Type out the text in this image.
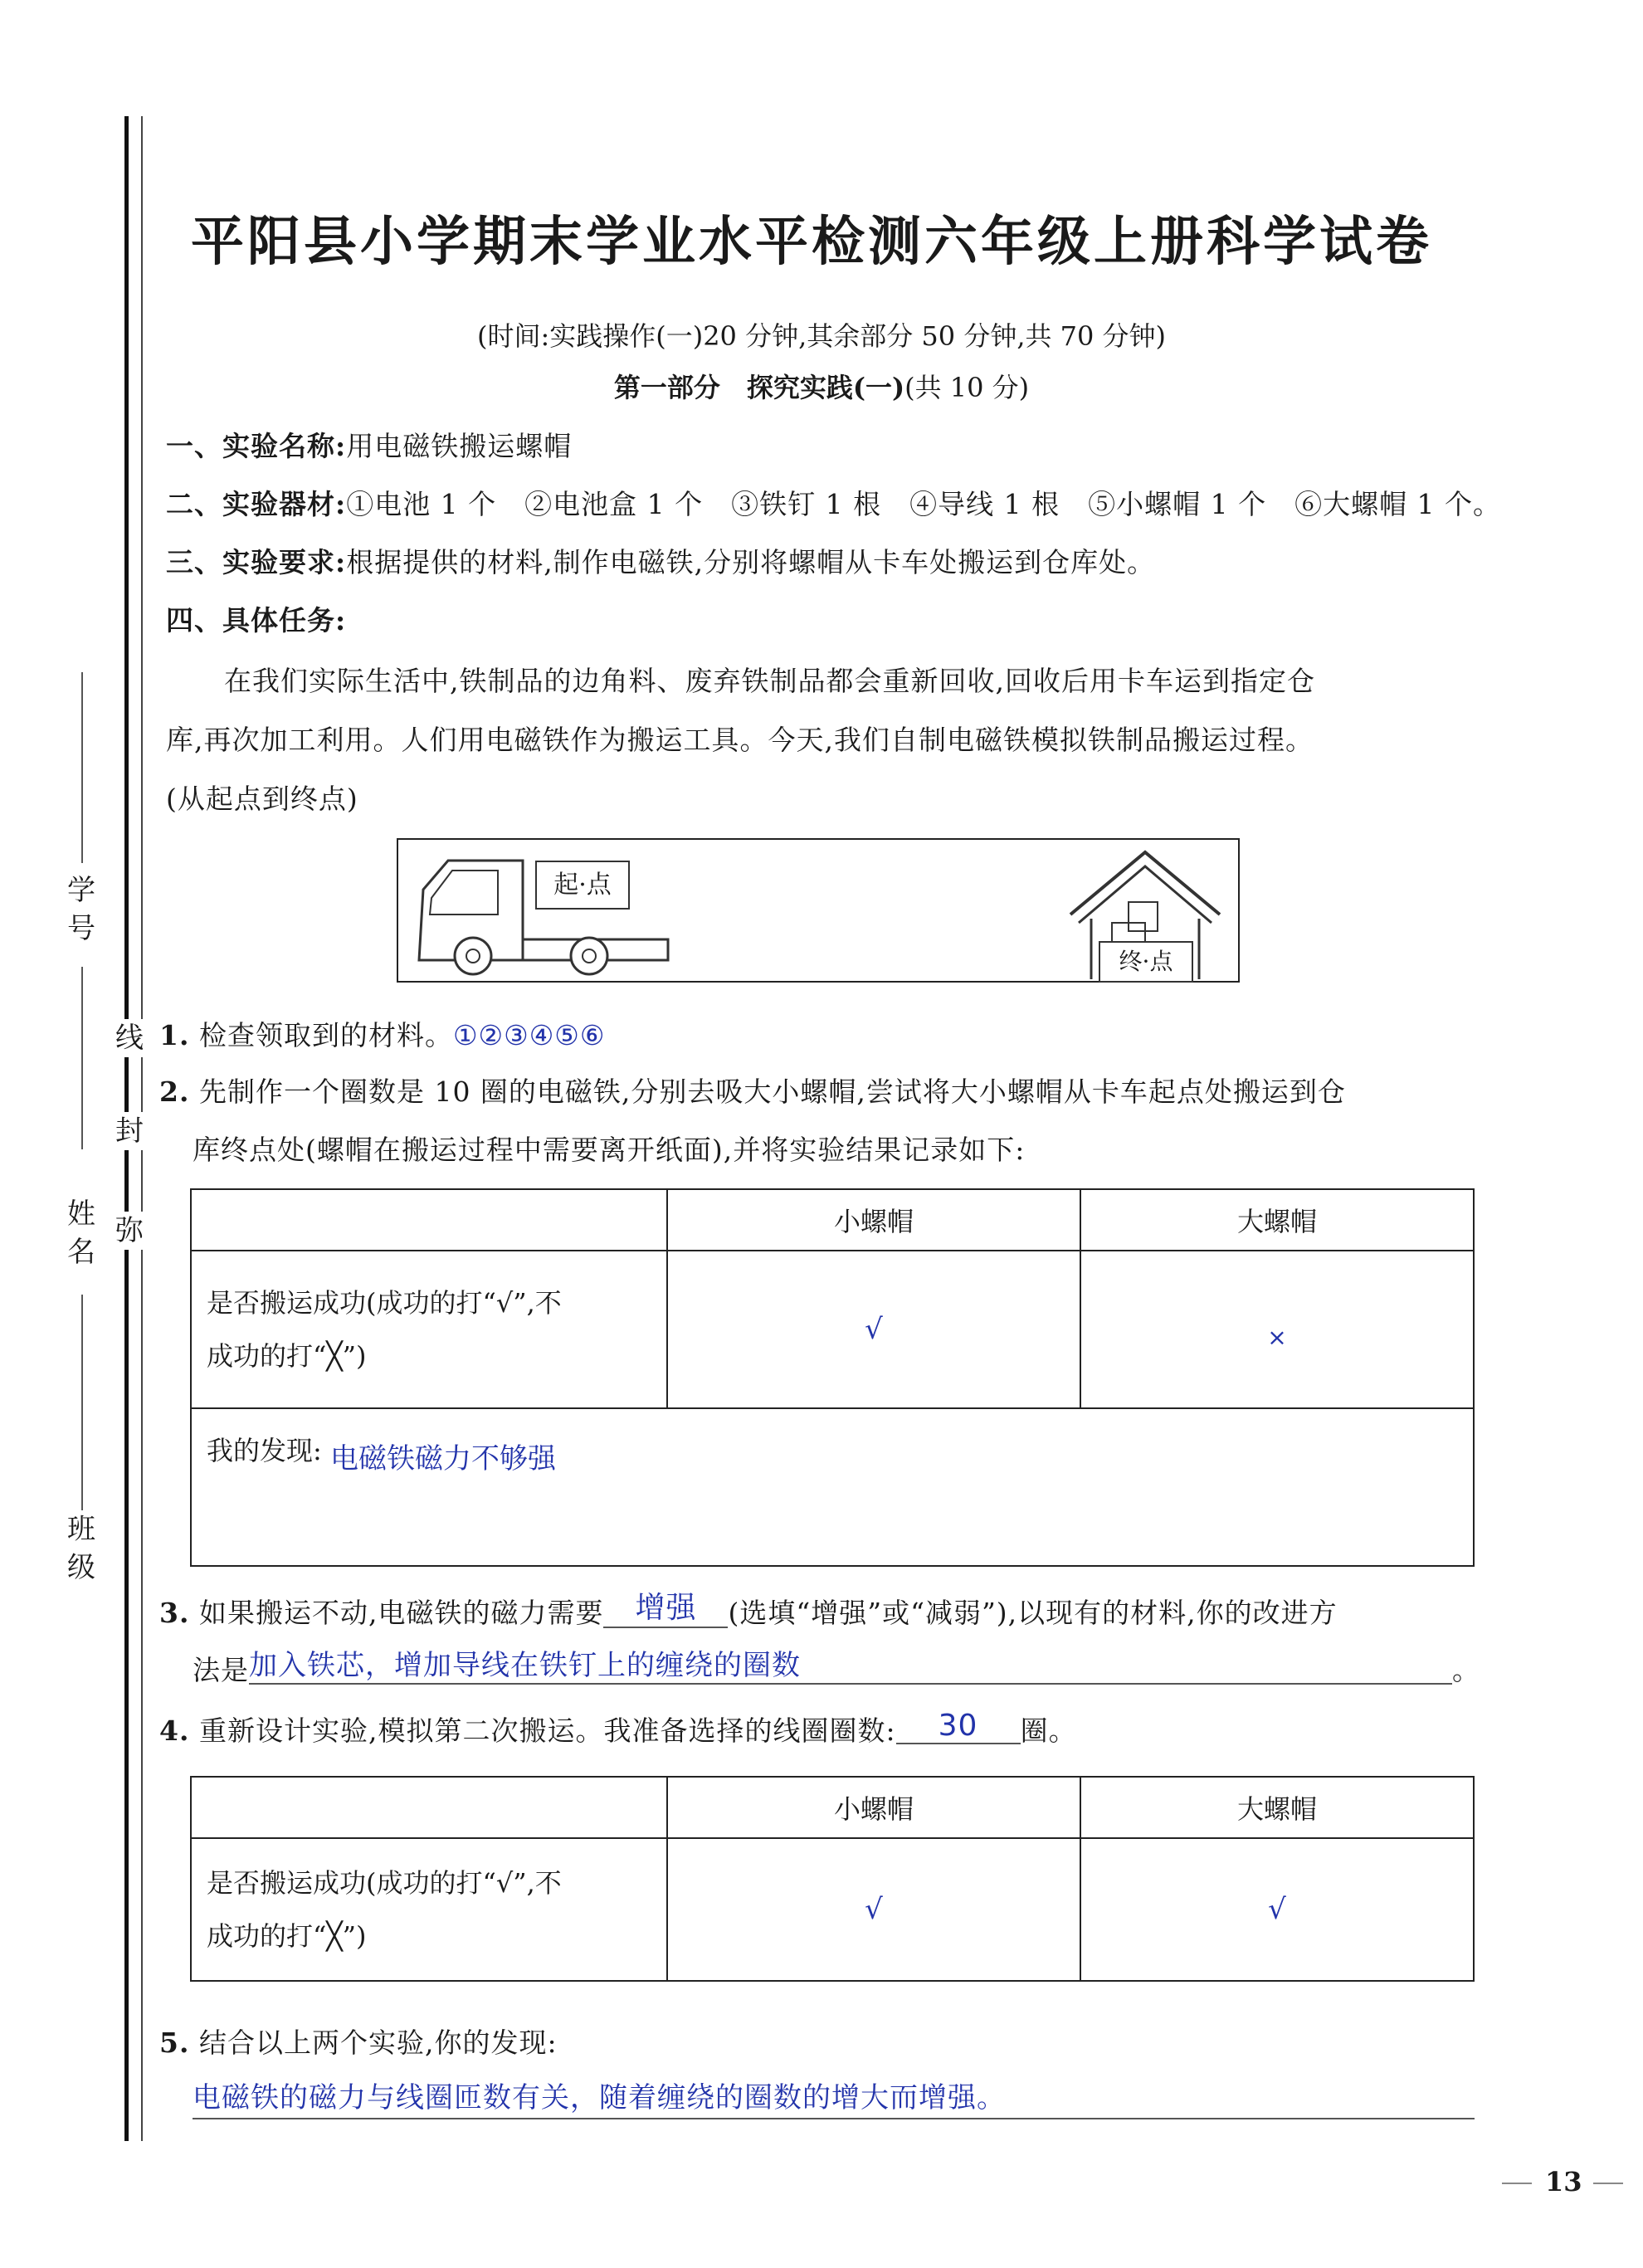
学号
姓名
班级
线
封
弥
平阳县小学期末学业水平检测六年级上册科学试卷
(时间:实践操作(一)20 分钟,其余部分 50 分钟,共 70 分钟)
第一部分　探究实践(一)(共 10 分)
一、实验名称:用电磁铁搬运螺帽
二、实验器材:①电池 1 个　②电池盒 1 个　③铁钉 1 根　④导线 1 根　⑤小螺帽 1 个　⑥大螺帽 1 个。
三、实验要求:根据提供的材料,制作电磁铁,分别将螺帽从卡车处搬运到仓库处。
四、具体任务:
在我们实际生活中,铁制品的边角料、废弃铁制品都会重新回收,回收后用卡车运到指定仓
库,再次加工利用。人们用电磁铁作为搬运工具。今天,我们自制电磁铁模拟铁制品搬运过程。
(从起点到终点)
起·点
终·点
1. 检查领取到的材料。①②③④⑤⑥
2. 先制作一个圈数是 10 圈的电磁铁,分别去吸大小螺帽,尝试将大小螺帽从卡车起点处搬运到仓
库终点处(螺帽在搬运过程中需要离开纸面),并将实验结果记录如下:
	小螺帽	大螺帽

是否搬运成功(成功的打“√”,不
成功的打“╳”)	√	×
我的发现: 电磁铁磁力不够强		
3. 如果搬运不动,电磁铁的磁力需要 增强 (选填“增强”或“减弱”),以现有的材料,你的改进方
法是加入铁芯，增加导线在铁钉上的缠绕的圈数	。
4. 重新设计实验,模拟第二次搬运。我准备选择的线圈圈数: 30 圈。
	小螺帽	大螺帽

是否搬运成功(成功的打“√”,不
成功的打“╳”)	√	√
5. 结合以上两个实验,你的发现:
电磁铁的磁力与线圈匝数有关，随着缠绕的圈数的增大而增强。
13
